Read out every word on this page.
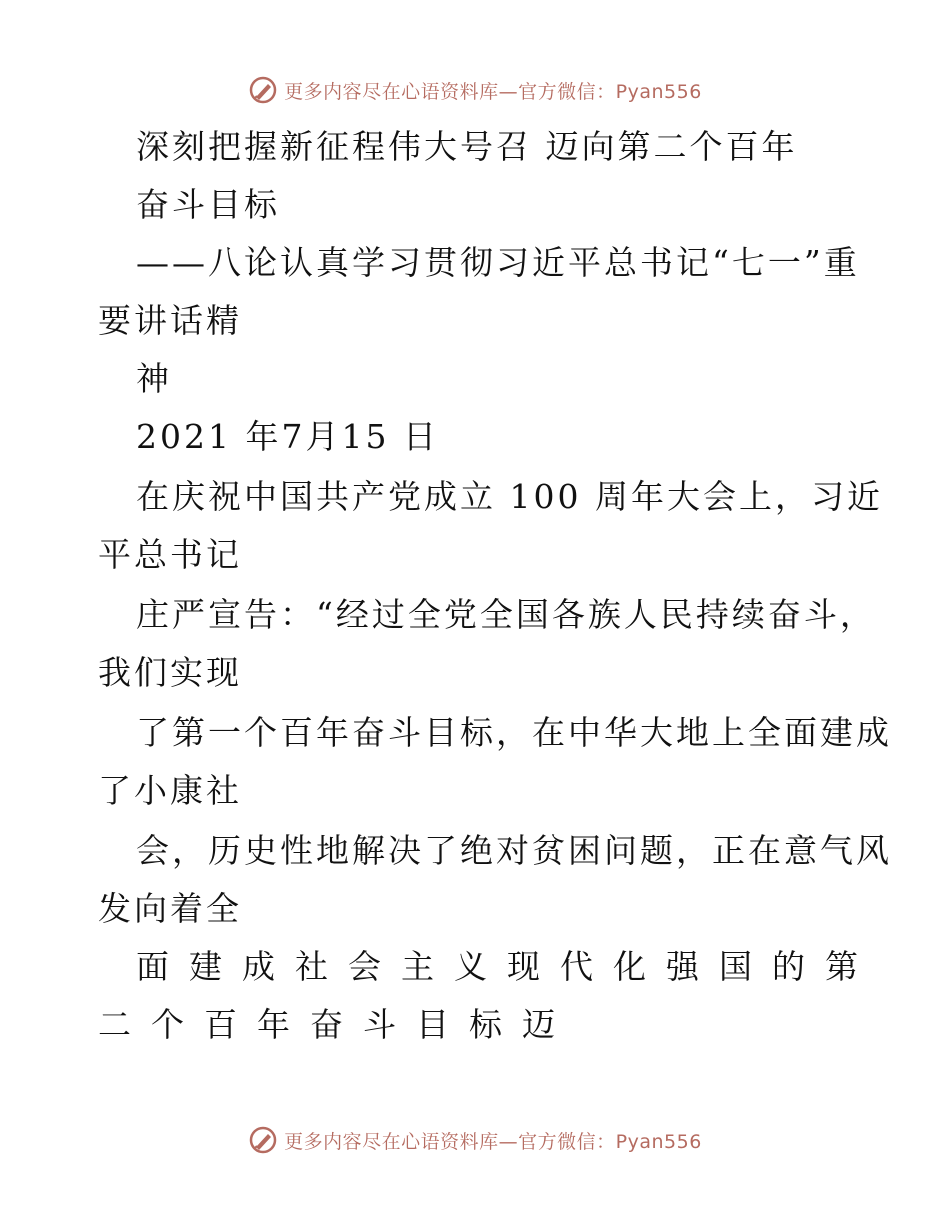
更多内容尽在心语资料库—官方微信：Pyan556
深刻把握新征程伟大号召 迈向第二个百年
奋斗目标
——八论认真学习贯彻习近平总书记“七一”重
要讲话精
神
2021 年7月15 日
在庆祝中国共产党成立 100 周年大会上，习近
平总书记
庄严宣告：“经过全党全国各族人民持续奋斗，
我们实现
了第一个百年奋斗目标，在中华大地上全面建成
了小康社
会，历史性地解决了绝对贫困问题，正在意气风
发向着全
面建成社会主义现代化强国的第
二个百年奋斗目标迈
更多内容尽在心语资料库—官方微信：Pyan556
